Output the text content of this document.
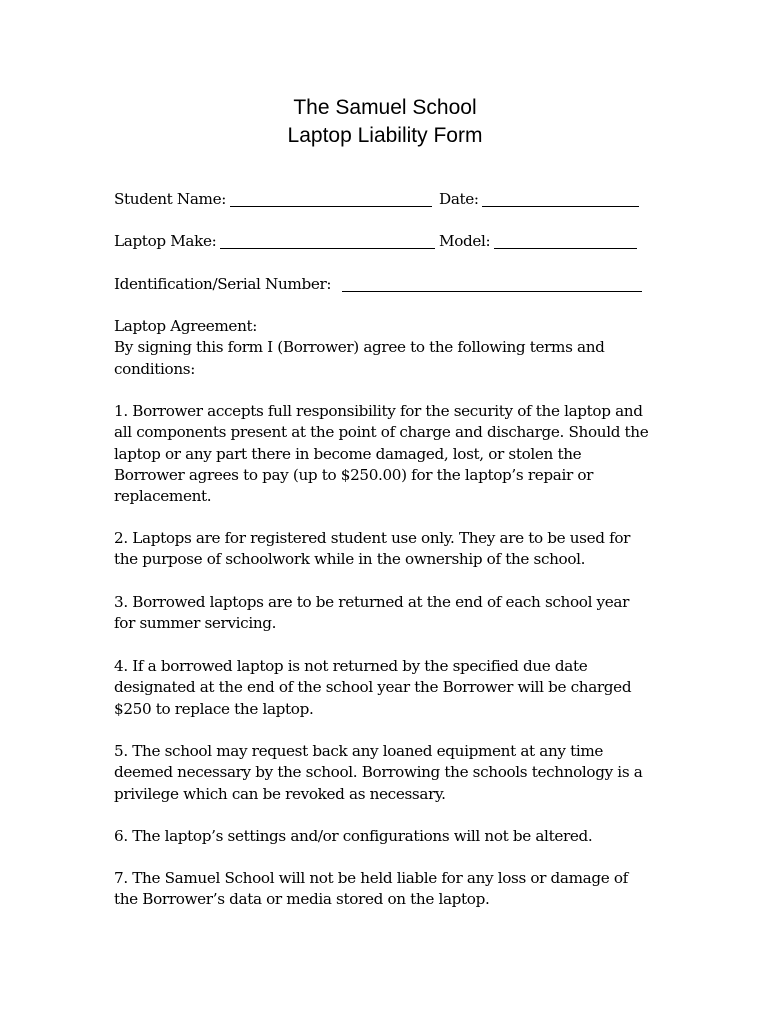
The Samuel School
Laptop Liability Form
Student Name:	Date:
Laptop Make:	Model:
Identification/Serial Number:
Laptop Agreement:
By signing this form I (Borrower) agree to the following terms and
conditions:
1. Borrower accepts full responsibility for the security of the laptop and
all components present at the point of charge and discharge. Should the
laptop or any part there in become damaged, lost, or stolen the
Borrower agrees to pay (up to $250.00) for the laptop’s repair or
replacement.
2. Laptops are for registered student use only. They are to be used for
the purpose of schoolwork while in the ownership of the school.
3. Borrowed laptops are to be returned at the end of each school year
for summer servicing.
4. If a borrowed laptop is not returned by the specified due date
designated at the end of the school year the Borrower will be charged
$250 to replace the laptop.
5. The school may request back any loaned equipment at any time
deemed necessary by the school. Borrowing the schools technology is a
privilege which can be revoked as necessary.
6. The laptop’s settings and/or configurations will not be altered.
7. The Samuel School will not be held liable for any loss or damage of
the Borrower’s data or media stored on the laptop.
